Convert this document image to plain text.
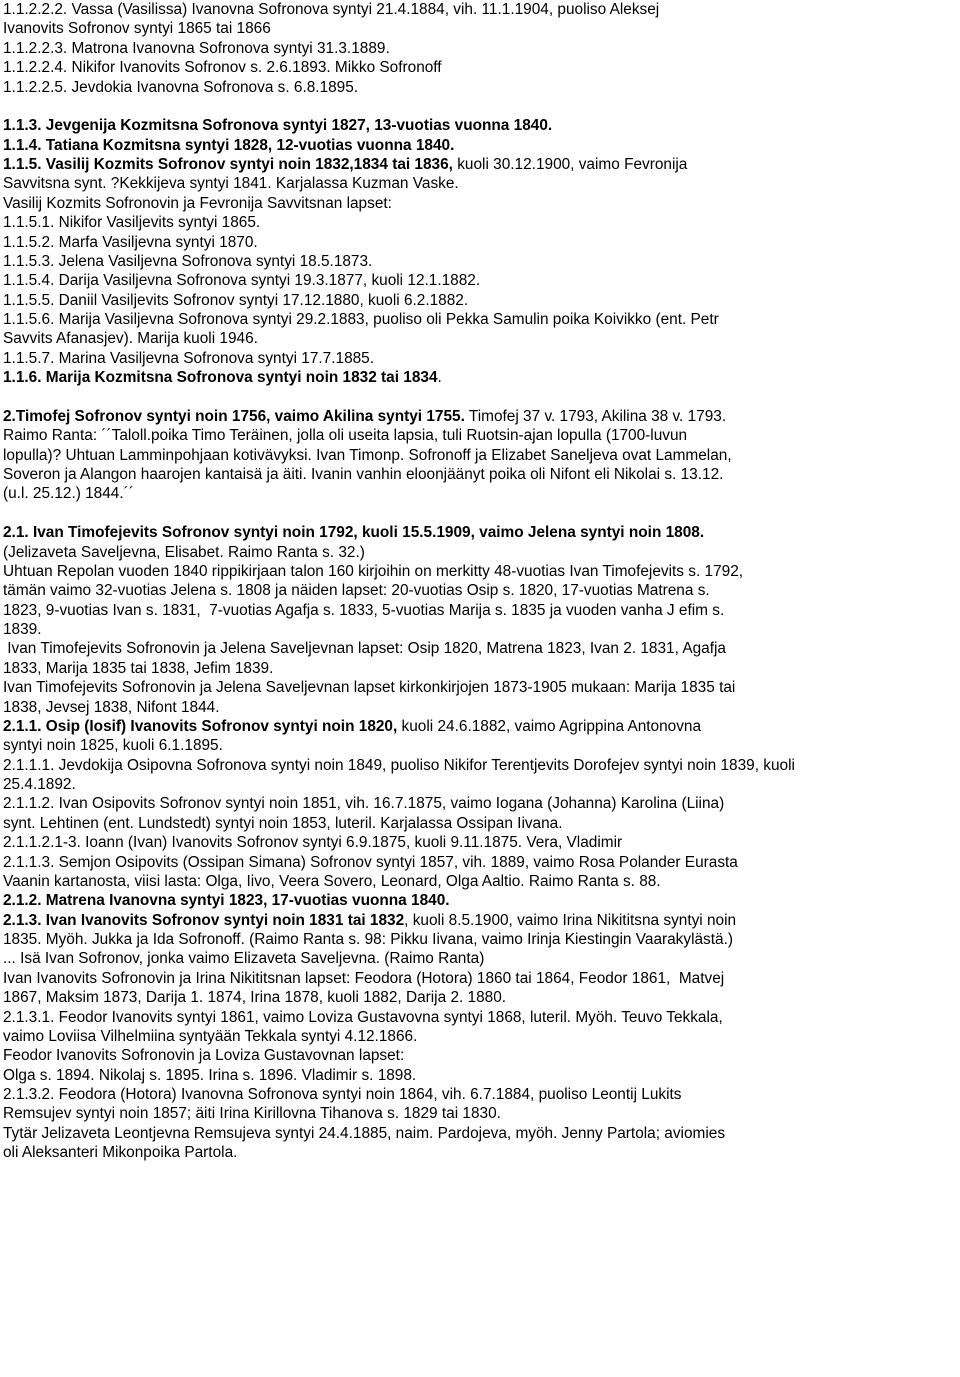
1.1.2.2.2. Vassa (Vasilissa) Ivanovna Sofronova syntyi 21.4.1884, vih. 11.1.1904, puoliso Aleksej
Ivanovits Sofronov syntyi 1865 tai 1866
1.1.2.2.3. Matrona Ivanovna Sofronova syntyi 31.3.1889.
1.1.2.2.4. Nikifor Ivanovits Sofronov s. 2.6.1893. Mikko Sofronoff
1.1.2.2.5. Jevdokia Ivanovna Sofronova s. 6.8.1895.
1.1.3. Jevgenija Kozmitsna Sofronova syntyi 1827, 13-vuotias vuonna 1840.
1.1.4. Tatiana Kozmitsna syntyi 1828, 12-vuotias vuonna 1840.
1.1.5. Vasilij Kozmits Sofronov syntyi noin 1832,1834 tai 1836, kuoli 30.12.1900, vaimo Fevronija
Savvitsna synt. ?Kekkijeva syntyi 1841. Karjalassa Kuzman Vaske.
Vasilij Kozmits Sofronovin ja Fevronija Savvitsnan lapset:
1.1.5.1. Nikifor Vasiljevits syntyi 1865.
1.1.5.2. Marfa Vasiljevna syntyi 1870.
1.1.5.3. Jelena Vasiljevna Sofronova syntyi 18.5.1873.
1.1.5.4. Darija Vasiljevna Sofronova syntyi 19.3.1877, kuoli 12.1.1882.
1.1.5.5. Daniil Vasiljevits Sofronov syntyi 17.12.1880, kuoli 6.2.1882.
1.1.5.6. Marija Vasiljevna Sofronova syntyi 29.2.1883, puoliso oli Pekka Samulin poika Koivikko (ent. Petr
Savvits Afanasjev). Marija kuoli 1946.
1.1.5.7. Marina Vasiljevna Sofronova syntyi 17.7.1885.
1.1.6. Marija Kozmitsna Sofronova syntyi noin 1832 tai 1834.
2.Timofej Sofronov syntyi noin 1756, vaimo Akilina syntyi 1755. Timofej 37 v. 1793, Akilina 38 v. 1793.
Raimo Ranta: ´´Taloll.poika Timo Teräinen, jolla oli useita lapsia, tuli Ruotsin-ajan lopulla (1700-luvun
lopulla)? Uhtuan Lamminpohjaan kotivävyksi. Ivan Timonp. Sofronoff ja Elizabet Saneljeva ovat Lammelan,
Soveron ja Alangon haarojen kantaisä ja äiti. Ivanin vanhin eloonjäänyt poika oli Nifont eli Nikolai s. 13.12.
(u.l. 25.12.) 1844.´´
2.1. Ivan Timofejevits Sofronov syntyi noin 1792, kuoli 15.5.1909, vaimo Jelena syntyi noin 1808.
(Jelizaveta Saveljevna, Elisabet. Raimo Ranta s. 32.)
Uhtuan Repolan vuoden 1840 rippikirjaan talon 160 kirjoihin on merkitty 48-vuotias Ivan Timofejevits s. 1792,
tämän vaimo 32-vuotias Jelena s. 1808 ja näiden lapset: 20-vuotias Osip s. 1820, 17-vuotias Matrena s.
1823, 9-vuotias Ivan s. 1831,  7-vuotias Agafja s. 1833, 5-vuotias Marija s. 1835 ja vuoden vanha J efim s.
1839.
Ivan Timofejevits Sofronovin ja Jelena Saveljevnan lapset: Osip 1820, Matrena 1823, Ivan 2. 1831, Agafja
1833, Marija 1835 tai 1838, Jefim 1839.
Ivan Timofejevits Sofronovin ja Jelena Saveljevnan lapset kirkonkirjojen 1873-1905 mukaan: Marija 1835 tai
1838, Jevsej 1838, Nifont 1844.
2.1.1. Osip (Iosif) Ivanovits Sofronov syntyi noin 1820, kuoli 24.6.1882, vaimo Agrippina Antonovna
syntyi noin 1825, kuoli 6.1.1895.
2.1.1.1. Jevdokija Osipovna Sofronova syntyi noin 1849, puoliso Nikifor Terentjevits Dorofejev syntyi noin 1839, kuoli
25.4.1892.
2.1.1.2. Ivan Osipovits Sofronov syntyi noin 1851, vih. 16.7.1875, vaimo Iogana (Johanna) Karolina (Liina)
synt. Lehtinen (ent. Lundstedt) syntyi noin 1853, luteril. Karjalassa Ossipan Iivana.
2.1.1.2.1-3. Ioann (Ivan) Ivanovits Sofronov syntyi 6.9.1875, kuoli 9.11.1875. Vera, Vladimir
2.1.1.3. Semjon Osipovits (Ossipan Simana) Sofronov syntyi 1857, vih. 1889, vaimo Rosa Polander Eurasta
Vaanin kartanosta, viisi lasta: Olga, Iivo, Veera Sovero, Leonard, Olga Aaltio. Raimo Ranta s. 88.
2.1.2. Matrena Ivanovna syntyi 1823, 17-vuotias vuonna 1840.
2.1.3. Ivan Ivanovits Sofronov syntyi noin 1831 tai 1832, kuoli 8.5.1900, vaimo Irina Nikititsna syntyi noin
1835. Myöh. Jukka ja Ida Sofronoff. (Raimo Ranta s. 98: Pikku Iivana, vaimo Irinja Kiestingin Vaarakylästä.)
... Isä Ivan Sofronov, jonka vaimo Elizaveta Saveljevna. (Raimo Ranta)
Ivan Ivanovits Sofronovin ja Irina Nikititsnan lapset: Feodora (Hotora) 1860 tai 1864, Feodor 1861,  Matvej
1867, Maksim 1873, Darija 1. 1874, Irina 1878, kuoli 1882, Darija 2. 1880.
2.1.3.1. Feodor Ivanovits syntyi 1861, vaimo Loviza Gustavovna syntyi 1868, luteril. Myöh. Teuvo Tekkala,
vaimo Loviisa Vilhelmiina syntyään Tekkala syntyi 4.12.1866.
Feodor Ivanovits Sofronovin ja Loviza Gustavovnan lapset:
Olga s. 1894. Nikolaj s. 1895. Irina s. 1896. Vladimir s. 1898.
2.1.3.2. Feodora (Hotora) Ivanovna Sofronova syntyi noin 1864, vih. 6.7.1884, puoliso Leontij Lukits
Remsujev syntyi noin 1857; äiti Irina Kirillovna Tihanova s. 1829 tai 1830.
Tytär Jelizaveta Leontjevna Remsujeva syntyi 24.4.1885, naim. Pardojeva, myöh. Jenny Partola; aviomies
oli Aleksanteri Mikonpoika Partola.
